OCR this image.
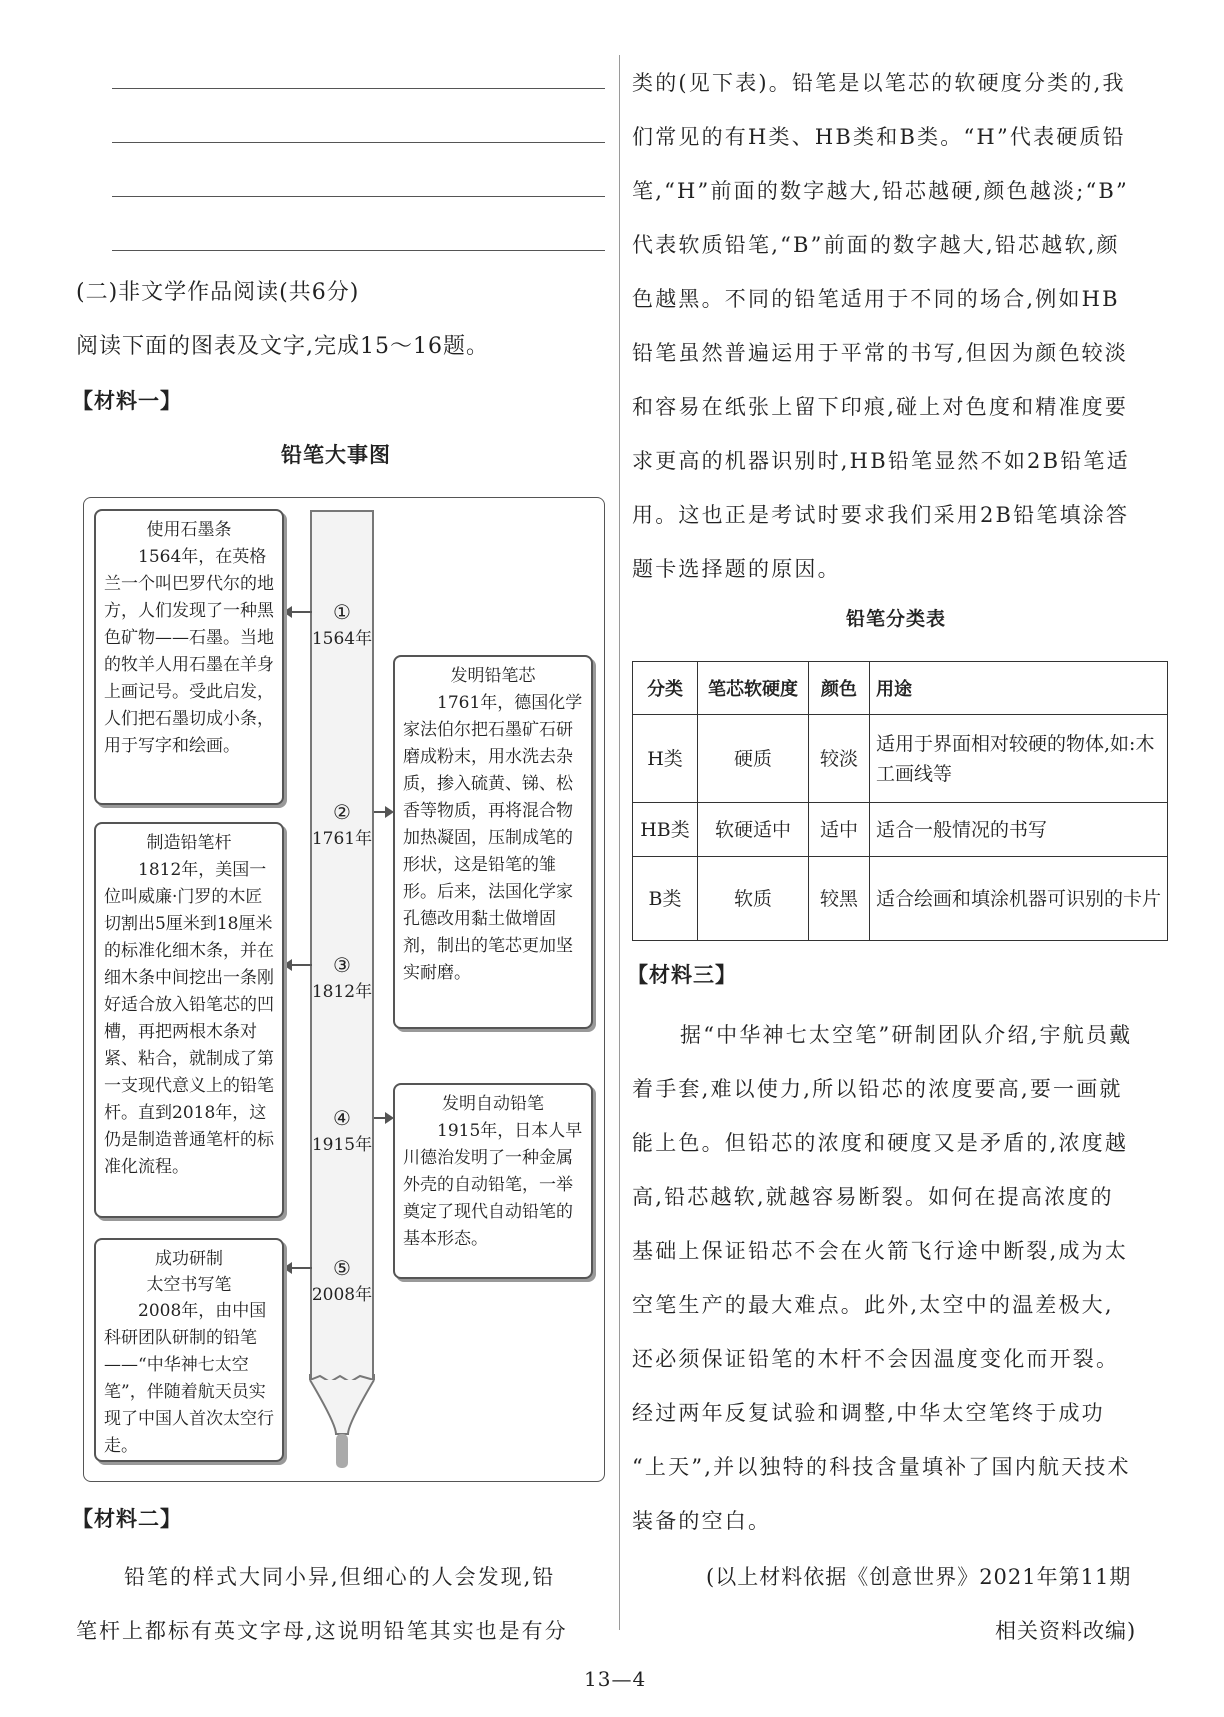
(二)非文学作品阅读(共6分)
阅读下面的图表及文字,完成15～16题。
【材料一】
铅笔大事图
①
1564年
②
1761年
③
1812年
④
1915年
⑤
2008年
使用石墨条
1564年，在英格兰一个叫巴罗代尔的地方，人们发现了一种黑色矿物——石墨。当地的牧羊人用石墨在羊身上画记号。受此启发，人们把石墨切成小条，用于写字和绘画。
发明铅笔芯
1761年，德国化学家法伯尔把石墨矿石研磨成粉末，用水洗去杂质，掺入硫黄、锑、松香等物质，再将混合物加热凝固，压制成笔的形状，这是铅笔的雏形。后来，法国化学家孔德改用黏土做增固剂，制出的笔芯更加坚实耐磨。
制造铅笔杆
1812年，美国一位叫威廉·门罗的木匠切割出5厘米到18厘米的标准化细木条，并在细木条中间挖出一条刚好适合放入铅笔芯的凹槽，再把两根木条对紧、粘合，就制成了第一支现代意义上的铅笔杆。直到2018年，这仍是制造普通笔杆的标准化流程。
发明自动铅笔
1915年，日本人早川德治发明了一种金属外壳的自动铅笔，一举奠定了现代自动铅笔的基本形态。
成功研制
太空书写笔
2008年，由中国科研团队研制的铅笔——“中华神七太空笔”，伴随着航天员实现了中国人首次太空行走。
【材料二】
铅笔的样式大同小异,但细心的人会发现,铅
笔杆上都标有英文字母,这说明铅笔其实也是有分
类的(见下表)。铅笔是以笔芯的软硬度分类的,我
们常见的有H类、HB类和B类。“H”代表硬质铅
笔,“H”前面的数字越大,铅芯越硬,颜色越淡;“B”
代表软质铅笔,“B”前面的数字越大,铅芯越软,颜
色越黑。不同的铅笔适用于不同的场合,例如HB
铅笔虽然普遍运用于平常的书写,但因为颜色较淡
和容易在纸张上留下印痕,碰上对色度和精准度要
求更高的机器识别时,HB铅笔显然不如2B铅笔适
用。这也正是考试时要求我们采用2B铅笔填涂答
题卡选择题的原因。
铅笔分类表
分类	笔芯软硬度	颜色	用途
H类	硬质	较淡	适用于界面相对较硬的物体,如:木工画线等
HB类	软硬适中	适中	适合一般情况的书写
B类	软质	较黑	适合绘画和填涂机器可识别的卡片
【材料三】
据“中华神七太空笔”研制团队介绍,宇航员戴
着手套,难以使力,所以铅芯的浓度要高,要一画就
能上色。但铅芯的浓度和硬度又是矛盾的,浓度越
高,铅芯越软,就越容易断裂。如何在提高浓度的
基础上保证铅芯不会在火箭飞行途中断裂,成为太
空笔生产的最大难点。此外,太空中的温差极大,
还必须保证铅笔的木杆不会因温度变化而开裂。
经过两年反复试验和调整,中华太空笔终于成功
“上天”,并以独特的科技含量填补了国内航天技术
装备的空白。
(以上材料依据《创意世界》2021年第11期
相关资料改编)
13—4
